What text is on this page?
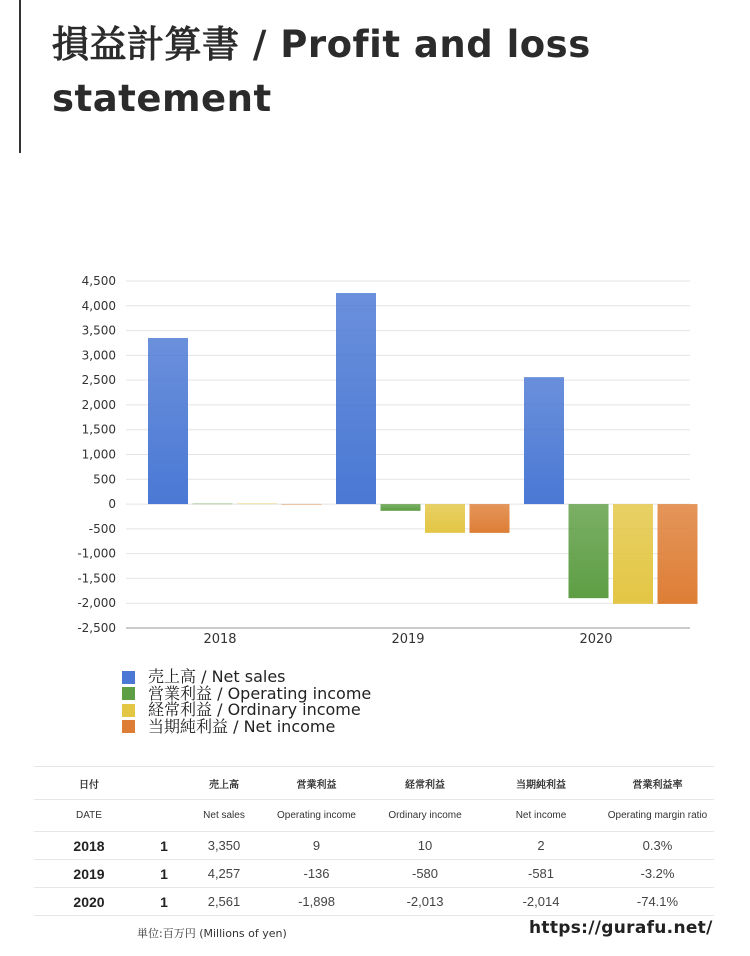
損益計算書 / Profit and loss statement
4,500
4,000
3,500
3,000
2,500
2,000
1,500
1,000
500
0
-500
-1,000
-1,500
-2,000
-2,500
2018	2019	2020
売上高 / Net sales
営業利益 / Operating income
経常利益 / Ordinary income
当期純利益 / Net income
日付		売上高	営業利益	経常利益	当期純利益	営業利益率
DATE		Net sales	Operating income	Ordinary income	Net income	Operating margin ratio
2018	1	3,350	9	10	2	0.3%
2019	1	4,257	-136	-580	-581	-3.2%
2020	1	2,561	-1,898	-2,013	-2,014	-74.1%
単位:百万円 (Millions of yen)	https://gurafu.net/
